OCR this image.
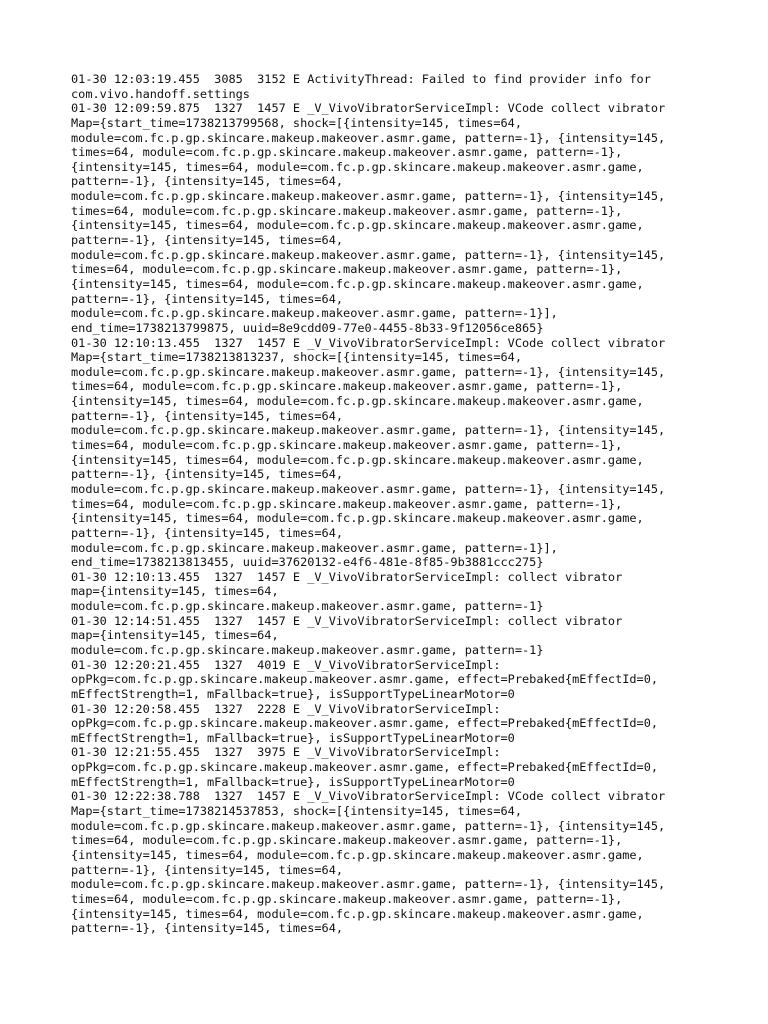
01-30 12:03:19.455  3085  3152 E ActivityThread: Failed to find provider info for
com.vivo.handoff.settings
01-30 12:09:59.875  1327  1457 E _V_VivoVibratorServiceImpl: VCode collect vibrator
Map={start_time=1738213799568, shock=[{intensity=145, times=64,
module=com.fc.p.gp.skincare.makeup.makeover.asmr.game, pattern=-1}, {intensity=145,
times=64, module=com.fc.p.gp.skincare.makeup.makeover.asmr.game, pattern=-1},
{intensity=145, times=64, module=com.fc.p.gp.skincare.makeup.makeover.asmr.game,
pattern=-1}, {intensity=145, times=64,
module=com.fc.p.gp.skincare.makeup.makeover.asmr.game, pattern=-1}, {intensity=145,
times=64, module=com.fc.p.gp.skincare.makeup.makeover.asmr.game, pattern=-1},
{intensity=145, times=64, module=com.fc.p.gp.skincare.makeup.makeover.asmr.game,
pattern=-1}, {intensity=145, times=64,
module=com.fc.p.gp.skincare.makeup.makeover.asmr.game, pattern=-1}, {intensity=145,
times=64, module=com.fc.p.gp.skincare.makeup.makeover.asmr.game, pattern=-1},
{intensity=145, times=64, module=com.fc.p.gp.skincare.makeup.makeover.asmr.game,
pattern=-1}, {intensity=145, times=64,
module=com.fc.p.gp.skincare.makeup.makeover.asmr.game, pattern=-1}],
end_time=1738213799875, uuid=8e9cdd09-77e0-4455-8b33-9f12056ce865}
01-30 12:10:13.455  1327  1457 E _V_VivoVibratorServiceImpl: VCode collect vibrator
Map={start_time=1738213813237, shock=[{intensity=145, times=64,
module=com.fc.p.gp.skincare.makeup.makeover.asmr.game, pattern=-1}, {intensity=145,
times=64, module=com.fc.p.gp.skincare.makeup.makeover.asmr.game, pattern=-1},
{intensity=145, times=64, module=com.fc.p.gp.skincare.makeup.makeover.asmr.game,
pattern=-1}, {intensity=145, times=64,
module=com.fc.p.gp.skincare.makeup.makeover.asmr.game, pattern=-1}, {intensity=145,
times=64, module=com.fc.p.gp.skincare.makeup.makeover.asmr.game, pattern=-1},
{intensity=145, times=64, module=com.fc.p.gp.skincare.makeup.makeover.asmr.game,
pattern=-1}, {intensity=145, times=64,
module=com.fc.p.gp.skincare.makeup.makeover.asmr.game, pattern=-1}, {intensity=145,
times=64, module=com.fc.p.gp.skincare.makeup.makeover.asmr.game, pattern=-1},
{intensity=145, times=64, module=com.fc.p.gp.skincare.makeup.makeover.asmr.game,
pattern=-1}, {intensity=145, times=64,
module=com.fc.p.gp.skincare.makeup.makeover.asmr.game, pattern=-1}],
end_time=1738213813455, uuid=37620132-e4f6-481e-8f85-9b3881ccc275}
01-30 12:10:13.455  1327  1457 E _V_VivoVibratorServiceImpl: collect vibrator
map={intensity=145, times=64,
module=com.fc.p.gp.skincare.makeup.makeover.asmr.game, pattern=-1}
01-30 12:14:51.455  1327  1457 E _V_VivoVibratorServiceImpl: collect vibrator
map={intensity=145, times=64,
module=com.fc.p.gp.skincare.makeup.makeover.asmr.game, pattern=-1}
01-30 12:20:21.455  1327  4019 E _V_VivoVibratorServiceImpl:
opPkg=com.fc.p.gp.skincare.makeup.makeover.asmr.game, effect=Prebaked{mEffectId=0,
mEffectStrength=1, mFallback=true}, isSupportTypeLinearMotor=0
01-30 12:20:58.455  1327  2228 E _V_VivoVibratorServiceImpl:
opPkg=com.fc.p.gp.skincare.makeup.makeover.asmr.game, effect=Prebaked{mEffectId=0,
mEffectStrength=1, mFallback=true}, isSupportTypeLinearMotor=0
01-30 12:21:55.455  1327  3975 E _V_VivoVibratorServiceImpl:
opPkg=com.fc.p.gp.skincare.makeup.makeover.asmr.game, effect=Prebaked{mEffectId=0,
mEffectStrength=1, mFallback=true}, isSupportTypeLinearMotor=0
01-30 12:22:38.788  1327  1457 E _V_VivoVibratorServiceImpl: VCode collect vibrator
Map={start_time=1738214537853, shock=[{intensity=145, times=64,
module=com.fc.p.gp.skincare.makeup.makeover.asmr.game, pattern=-1}, {intensity=145,
times=64, module=com.fc.p.gp.skincare.makeup.makeover.asmr.game, pattern=-1},
{intensity=145, times=64, module=com.fc.p.gp.skincare.makeup.makeover.asmr.game,
pattern=-1}, {intensity=145, times=64,
module=com.fc.p.gp.skincare.makeup.makeover.asmr.game, pattern=-1}, {intensity=145,
times=64, module=com.fc.p.gp.skincare.makeup.makeover.asmr.game, pattern=-1},
{intensity=145, times=64, module=com.fc.p.gp.skincare.makeup.makeover.asmr.game,
pattern=-1}, {intensity=145, times=64,
